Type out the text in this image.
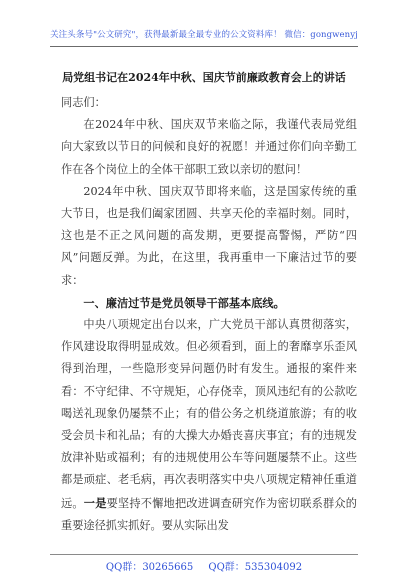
关注头条号"公文研究"，获得最新最全最专业的公文资料库！ 微信：gongwenyj
局党组书记在2024年中秋、国庆节前廉政教育会上的讲话

同志们：

在2024年中秋、国庆双节来临之际，我谨代表局党组向大家致以节日的问候和良好的祝愿！并通过你们向辛勤工作在各个岗位上的全体干部职工致以亲切的慰问！

2024年中秋、国庆双节即将来临，这是国家传统的重大节日，也是我们阖家团圆、共享天伦的幸福时刻。同时，这也是不正之风问题的高发期，更要提高警惕，严防“四风”问题反弹。为此，在这里，我再重申一下廉洁过节的要求：

一、廉洁过节是党员领导干部基本底线。

中央八项规定出台以来，广大党员干部认真贯彻落实，作风建设取得明显成效。但必须看到，面上的奢靡享乐歪风得到治理，一些隐形变异问题仍时有发生。通报的案件来看：不守纪律、不守规矩，心存侥幸，顶风违纪有的公款吃喝送礼现象仍屡禁不止；有的借公务之机绕道旅游；有的收受会员卡和礼品；有的大操大办婚丧喜庆事宜；有的违规发放津补贴或福利；有的违规使用公车等问题屡禁不止。这些都是顽症、老毛病，再次表明落实中央八项规定精神任重道远。一是要坚持不懈地把改进调查研究作为密切联系群众的重要途径抓实抓好。要从实际出发

QQ群：30265665 QQ群：535304092
